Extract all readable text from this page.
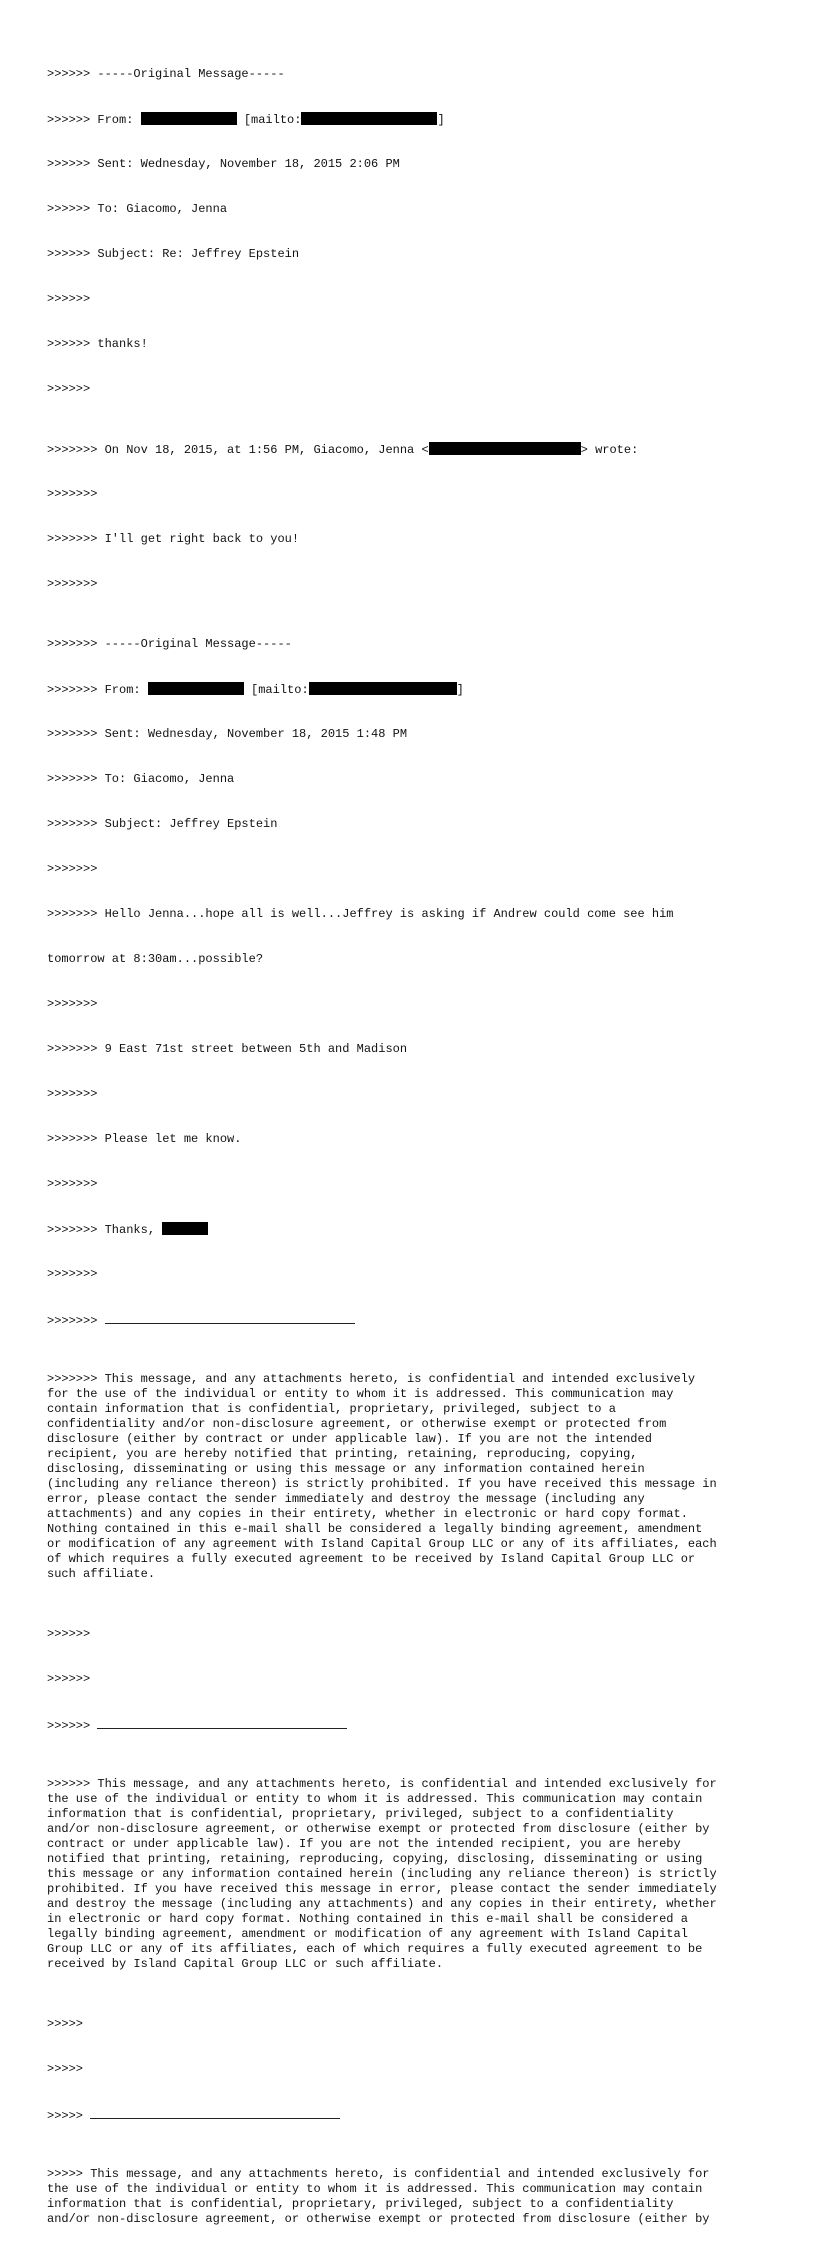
>>>>>> -----Original Message-----

>>>>>> From:	[mailto:	]

>>>>>> Sent: Wednesday, November 18, 2015 2:06 PM

>>>>>> To: Giacomo, Jenna

>>>>>> Subject: Re: Jeffrey Epstein

>>>>>>

>>>>>> thanks!

>>>>>>

>>>>>>> On Nov 18, 2015, at 1:56 PM, Giacomo, Jenna <	> wrote:

>>>>>>>

>>>>>>> I'll get right back to you!

>>>>>>>

>>>>>>> -----Original Message-----

>>>>>>> From:	[mailto:	]

>>>>>>> Sent: Wednesday, November 18, 2015 1:48 PM

>>>>>>> To: Giacomo, Jenna

>>>>>>> Subject: Jeffrey Epstein

>>>>>>>

>>>>>>> Hello Jenna...hope all is well...Jeffrey is asking if Andrew could come see him

tomorrow at 8:30am...possible?

>>>>>>>

>>>>>>> 9 East 71st street between 5th and Madison

>>>>>>>

>>>>>>> Please let me know.

>>>>>>>

>>>>>>> Thanks,

>>>>>>>

>>>>>>>

>>>>>>> This message, and any attachments hereto, is confidential and intended exclusively
for the use of the individual or entity to whom it is addressed. This communication may
contain information that is confidential, proprietary, privileged, subject to a
confidentiality and/or non-disclosure agreement, or otherwise exempt or protected from
disclosure (either by contract or under applicable law). If you are not the intended
recipient, you are hereby notified that printing, retaining, reproducing, copying,
disclosing, disseminating or using this message or any information contained herein
(including any reliance thereon) is strictly prohibited. If you have received this message in
error, please contact the sender immediately and destroy the message (including any
attachments) and any copies in their entirety, whether in electronic or hard copy format.
Nothing contained in this e-mail shall be considered a legally binding agreement, amendment
or modification of any agreement with Island Capital Group LLC or any of its affiliates, each
of which requires a fully executed agreement to be received by Island Capital Group LLC or
such affiliate.

>>>>>>

>>>>>>

>>>>>>

>>>>>> This message, and any attachments hereto, is confidential and intended exclusively for
the use of the individual or entity to whom it is addressed. This communication may contain
information that is confidential, proprietary, privileged, subject to a confidentiality
and/or non-disclosure agreement, or otherwise exempt or protected from disclosure (either by
contract or under applicable law). If you are not the intended recipient, you are hereby
notified that printing, retaining, reproducing, copying, disclosing, disseminating or using
this message or any information contained herein (including any reliance thereon) is strictly
prohibited. If you have received this message in error, please contact the sender immediately
and destroy the message (including any attachments) and any copies in their entirety, whether
in electronic or hard copy format. Nothing contained in this e-mail shall be considered a
legally binding agreement, amendment or modification of any agreement with Island Capital
Group LLC or any of its affiliates, each of which requires a fully executed agreement to be
received by Island Capital Group LLC or such affiliate.

>>>>>

>>>>>

>>>>>

>>>>> This message, and any attachments hereto, is confidential and intended exclusively for
the use of the individual or entity to whom it is addressed. This communication may contain
information that is confidential, proprietary, privileged, subject to a confidentiality
and/or non-disclosure agreement, or otherwise exempt or protected from disclosure (either by
